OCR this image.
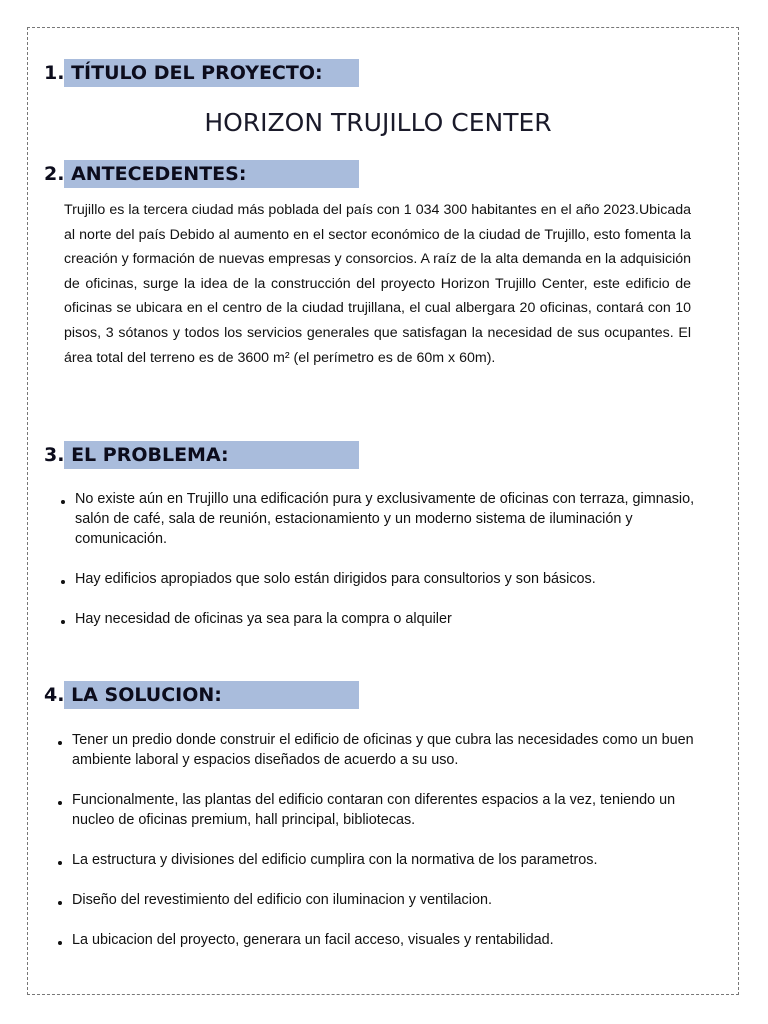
1. TÍTULO DEL PROYECTO:
HORIZON TRUJILLO CENTER
2. ANTECEDENTES:

Trujillo es la tercera ciudad más poblada del país con 1 034 300 habitantes en el año 2023.Ubicada al norte del país Debido al aumento en el sector económico de la ciudad de Trujillo, esto fomenta la creación y formación de nuevas empresas y consorcios. A raíz de la alta demanda en la adquisición de oficinas, surge la idea de la construcción del proyecto Horizon Trujillo Center, este edificio de oficinas se ubicara en el centro de la ciudad trujillana, el cual albergara 20 oficinas, contará con 10 pisos, 3 sótanos y todos los servicios generales que satisfagan la necesidad de sus ocupantes. El área total del terreno es de 3600 m² (el perímetro es de 60m x 60m).

3. EL PROBLEMA:
No existe aún en Trujillo una edificación pura y exclusivamente de oficinas con terraza, gimnasio, salón de café, sala de reunión, estacionamiento y un moderno sistema de iluminación y comunicación.
Hay edificios apropiados que solo están dirigidos para consultorios y son básicos.
Hay necesidad de oficinas ya sea para la compra o alquiler
4. LA SOLUCION:
Tener un predio donde construir el edificio de oficinas y que cubra las necesidades como un buen ambiente laboral y espacios diseñados de acuerdo a su uso.
Funcionalmente, las plantas del edificio contaran con diferentes espacios a la vez, teniendo un nucleo de oficinas premium, hall principal, bibliotecas.
La estructura y divisiones del edificio cumplira con la normativa de los parametros.
Diseño del revestimiento del edificio con iluminacion y ventilacion.
La ubicacion del proyecto, generara un facil acceso, visuales y rentabilidad.
